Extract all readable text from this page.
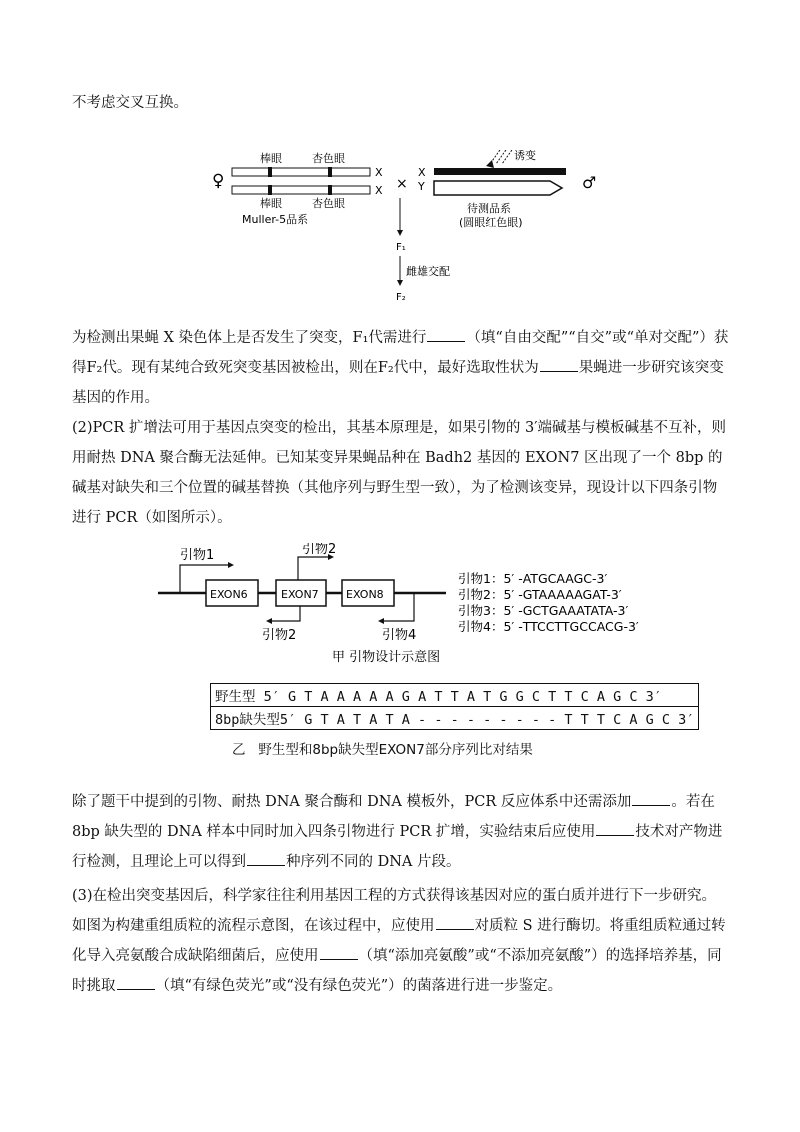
不考虑交叉互换。

♀
棒眼	杏色眼
X
棒眼	杏色眼
X
Muller-5品系
×
X
Y
诱变
♂
待测品系
(圆眼红色眼)
F₁
雌雄交配
F₂

为检测出果蝇 X 染色体上是否发生了突变，F₁代需进行	（填“自由交配”“自交”或“单对交配”）获得F₂代。现有某纯合致死突变基因被检出，则在F₂代中，最好选取性状为	果蝇进一步研究该突变基因的作用。

(2)PCR 扩增法可用于基因点突变的检出，其基本原理是，如果引物的 3′端碱基与模板碱基不互补，则用耐热 DNA 聚合酶无法延伸。已知某变异果蝇品种在 Badh2 基因的 EXON7 区出现了一个 8bp 的碱基对缺失和三个位置的碱基替换（其他序列与野生型一致），为了检测该变异，现设计以下四条引物进行 PCR（如图所示）。

EXON6	EXON7 EXON8
引物1	引物2
引物2	引物4
引物1：5′ -ATGCAAGC-3′
引物2：5′ -GTAAAAAGAT-3′
引物3：5′ -GCTGAAATATA-3′
引物4：5′ -TTCCTTGCCACG-3′
甲 引物设计示意图
野生型 5′ G T A A A A A G A T T A T G G C T T C A G C 3′
8bp缺失型5′ G T A T A T A - - - - - - - - - T T T C A G C 3′
乙 野生型和8bp缺失型EXON7部分序列比对结果

除了题干中提到的引物、耐热 DNA 聚合酶和 DNA 模板外，PCR 反应体系中还需添加	。若在 8bp 缺失型的 DNA 样本中同时加入四条引物进行 PCR 扩增，实验结束后应使用	技术对产物进行检测，且理论上可以得到	种序列不同的 DNA 片段。

(3)在检出突变基因后，科学家往往利用基因工程的方式获得该基因对应的蛋白质并进行下一步研究。如图为构建重组质粒的流程示意图，在该过程中，应使用	对质粒 S 进行酶切。将重组质粒通过转化导入亮氨酸合成缺陷细菌后，应使用	（填“添加亮氨酸”或“不添加亮氨酸”）的选择培养基，同时挑取	（填“有绿色荧光”或“没有绿色荧光”）的菌落进行进一步鉴定。
